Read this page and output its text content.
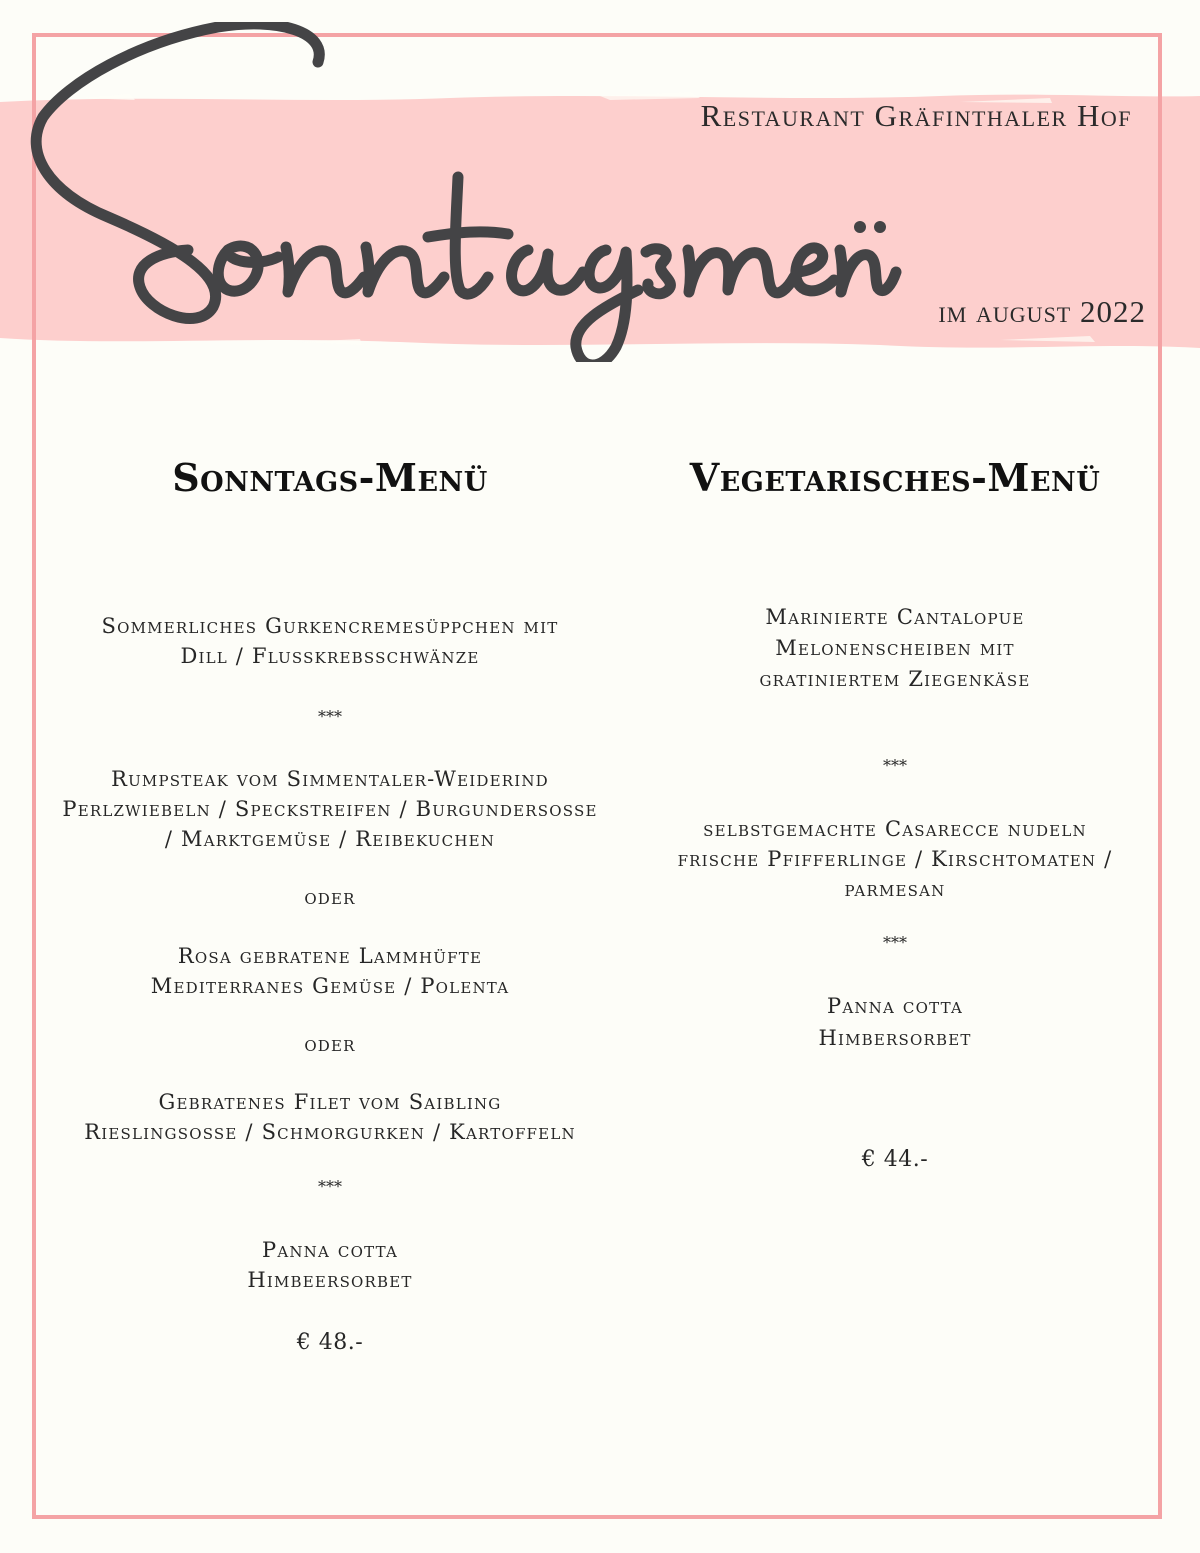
Restaurant Gräfinthaler Hof
im august 2022
Sonntags-Menü
Sommerliches Gurkencremesüppchen mit
Dill / Flusskrebsschwänze
***
Rumpsteak vom Simmentaler-Weiderind
Perlzwiebeln / Speckstreifen / Burgundersosse
/ Marktgemüse / Reibekuchen
oder
Rosa gebratene Lammhüfte
Mediterranes Gemüse / Polenta
oder
Gebratenes Filet vom Saibling
Rieslingsosse / Schmorgurken / Kartoffeln
***
Panna cotta
Himbeersorbet
€ 48.-
Vegetarisches-Menü
Marinierte Cantalopue
Melonenscheiben mit
gratiniertem Ziegenkäse
***
selbstgemachte Casarecce nudeln
frische Pfifferlinge / Kirschtomaten /
parmesan
***
Panna cotta
Himbersorbet
€ 44.-
